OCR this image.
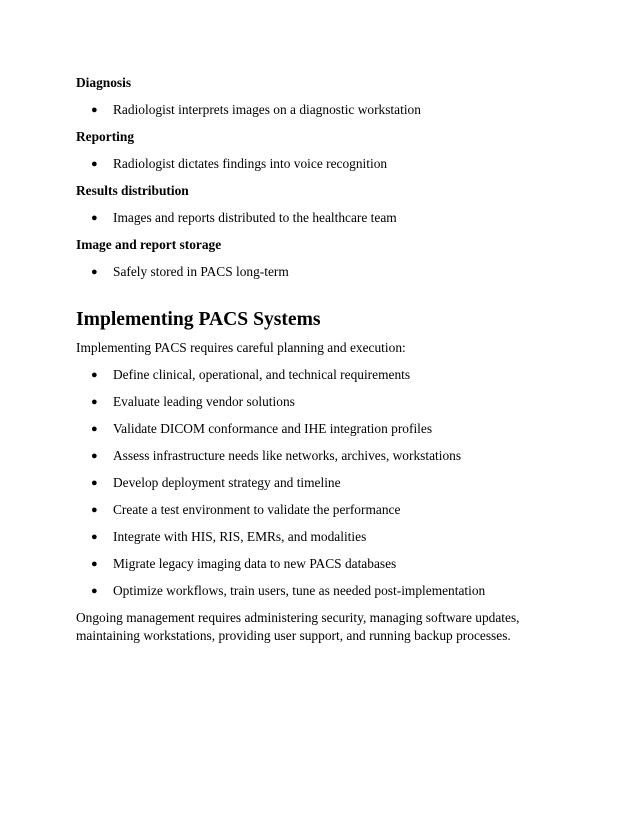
Diagnosis

● Radiologist interprets images on a diagnostic workstation

Reporting

● Radiologist dictates findings into voice recognition

Results distribution

● Images and reports distributed to the healthcare team

Image and report storage

● Safely stored in PACS long-term
Implementing PACS Systems

Implementing PACS requires careful planning and execution:

● Define clinical, operational, and technical requirements
● Evaluate leading vendor solutions
● Validate DICOM conformance and IHE integration profiles
● Assess infrastructure needs like networks, archives, workstations
● Develop deployment strategy and timeline
● Create a test environment to validate the performance
● Integrate with HIS, RIS, EMRs, and modalities
● Migrate legacy imaging data to new PACS databases
● Optimize workflows, train users, tune as needed post-implementation

Ongoing management requires administering security, managing software updates, maintaining workstations, providing user support, and running backup processes.
